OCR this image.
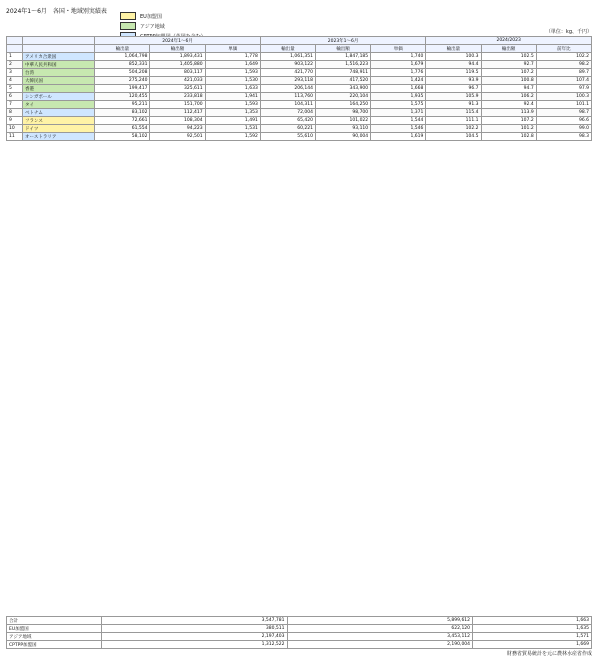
2024年1～6月　各国・地域別実績表
EU加盟国
アジア地域
（単位：kg、千円）
		2024年1～6月			2023年1～6月			2024/2023		
		輸出量	輸出額	単価	輸出量	輸出額	単価	輸出量	輸出額	前年比
1	アメリカ合衆国	1,064,798	1,893,431	1,778	1,061,351	1,847,185	1,740	100.3	102.5	102.2
2	中華人民共和国	852,331	1,405,880	1,649	903,122	1,516,223	1,679	94.4	92.7	98.2
3	台湾	504,208	803,117	1,593	421,770	748,911	1,776	119.5	107.2	89.7
4	大韓民国	275,240	421,033	1,530	293,118	417,520	1,424	93.9	100.8	107.4
5	香港	199,417	325,611	1,633	206,144	343,900	1,668	96.7	94.7	97.9
6	シンガポール	120,455	233,818	1,941	113,760	220,104	1,935	105.9	106.2	100.3
7	タイ	95,211	151,700	1,593	104,311	164,250	1,575	91.3	92.4	101.1
8	ベトナム	83,102	112,417	1,353	72,004	98,700	1,371	115.4	113.9	98.7
9	フランス	72,661	108,304	1,491	65,420	101,022	1,544	111.1	107.2	96.6
10	ドイツ	61,554	94,223	1,531	60,221	93,110	1,546	102.2	101.2	99.0
11	オーストラリア	58,102	92,501	1,592	55,610	90,004	1,619	104.5	102.8	98.3
合計	3,547,781	5,899,612	1,663
EU加盟国	380,511	622,120	1,635
アジア地域	2,197,403	3,453,112	1,571
CPTPP加盟国	1,312,522	2,190,004	1,669
財務省貿易統計を元に農林水産省作成
